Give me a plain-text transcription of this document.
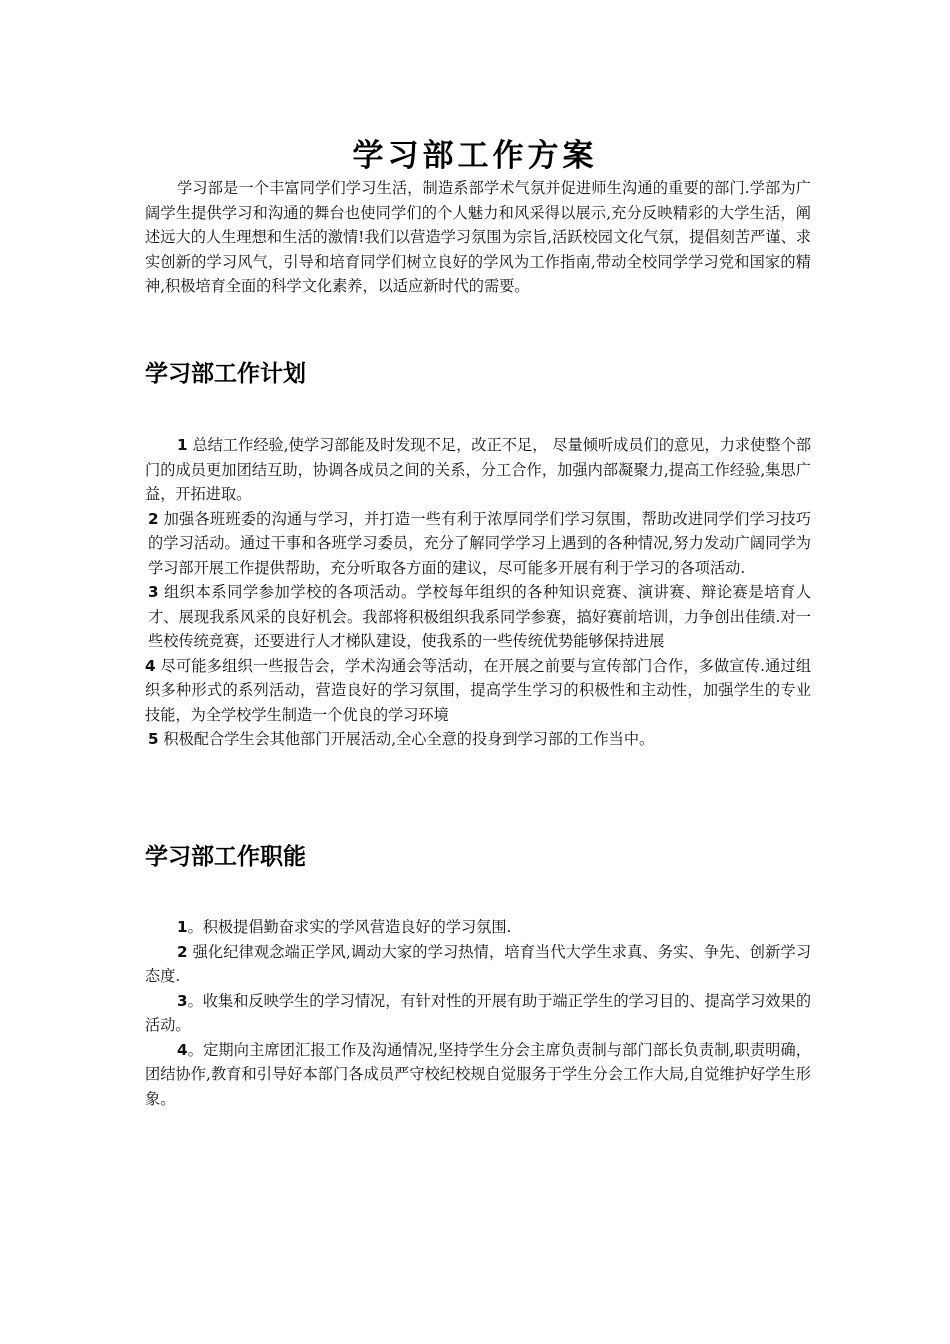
学习部工作方案

学习部是一个丰富同学们学习生活，制造系部学术气氛并促进师生沟通的重要的部门.学部为广阔学生提供学习和沟通的舞台也使同学们的个人魅力和风采得以展示,充分反映精彩的大学生活，阐述远大的人生理想和生活的激情!我们以营造学习氛围为宗旨,活跃校园文化气氛，提倡刻苦严谨、求实创新的学习风气，引导和培育同学们树立良好的学风为工作指南,带动全校同学学习党和国家的精神,积极培育全面的科学文化素养，以适应新时代的需要。

学习部工作计划
1 总结工作经验,使学习部能及时发现不足，改正不足， 尽量倾听成员们的意见，力求使整个部门的成员更加团结互助，协调各成员之间的关系，分工合作，加强内部凝聚力,提高工作经验,集思广益，开拓进取。
2 加强各班班委的沟通与学习，并打造一些有利于浓厚同学们学习氛围，帮助改进同学们学习技巧的学习活动。通过干事和各班学习委员，充分了解同学学习上遇到的各种情况,努力发动广阔同学为学习部开展工作提供帮助，充分听取各方面的建议，尽可能多开展有利于学习的各项活动.
3 组织本系同学参加学校的各项活动。学校每年组织的各种知识竞赛、演讲赛、辩论赛是培育人才、展现我系风采的良好机会。我部将积极组织我系同学参赛，搞好赛前培训，力争创出佳绩.对一些校传统竞赛，还要进行人才梯队建设，使我系的一些传统优势能够保持进展
4 尽可能多组织一些报告会，学术沟通会等活动，在开展之前要与宣传部门合作，多做宣传.通过组织多种形式的系列活动，营造良好的学习氛围，提高学生学习的积极性和主动性，加强学生的专业技能，为全学校学生制造一个优良的学习环境
5 积极配合学生会其他部门开展活动,全心全意的投身到学习部的工作当中。
学习部工作职能
1。积极提倡勤奋求实的学风营造良好的学习氛围.
2 强化纪律观念端正学风,调动大家的学习热情，培育当代大学生求真、务实、争先、创新学习态度.
3。收集和反映学生的学习情况，有针对性的开展有助于端正学生的学习目的、提高学习效果的活动。
4。定期向主席团汇报工作及沟通情况,坚持学生分会主席负责制与部门部长负责制,职责明确，团结协作,教育和引导好本部门各成员严守校纪校规自觉服务于学生分会工作大局,自觉维护好学生形象。
